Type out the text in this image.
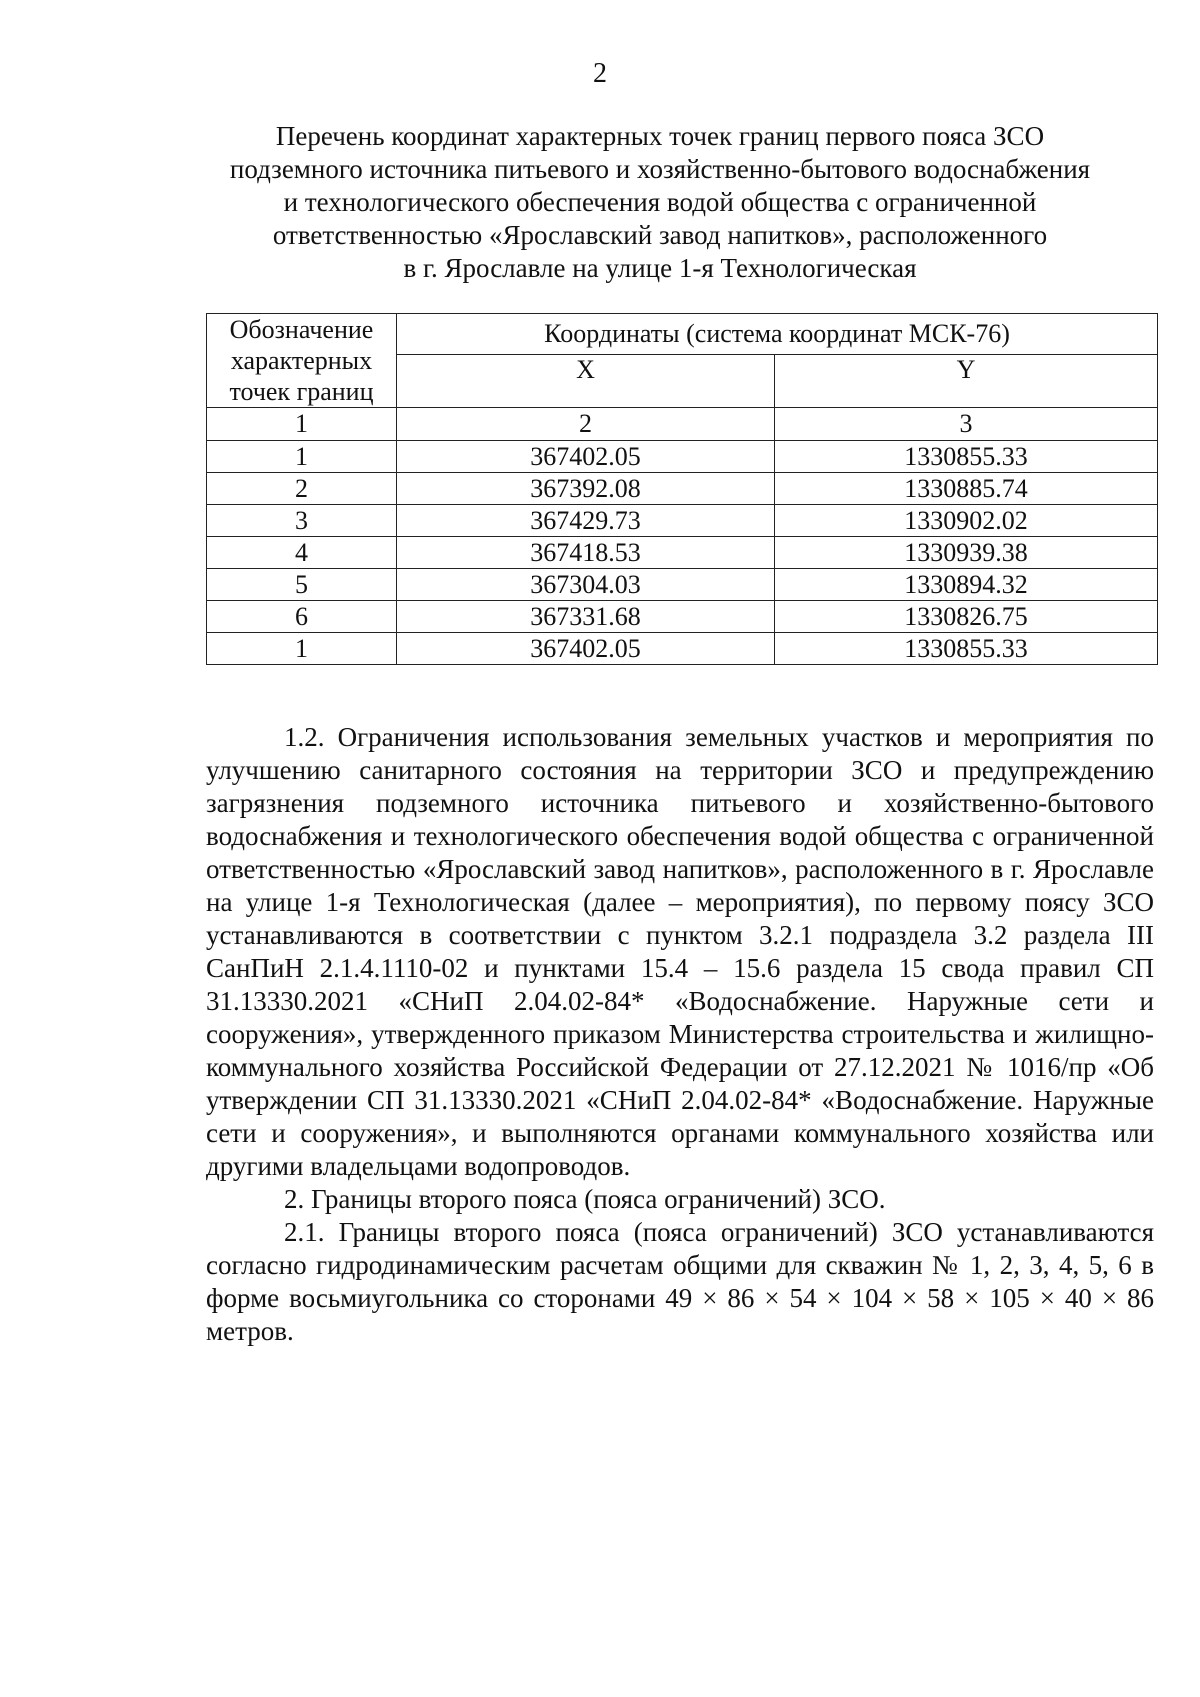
2
Перечень координат характерных точек границ первого пояса ЗСО
подземного источника питьевого и хозяйственно-бытового водоснабжения
и технологического обеспечения водой общества с ограниченной
ответственностью «Ярославский завод напитков», расположенного
в г. Ярославле на улице 1-я Технологическая
Обозначение характерных точек границ	Координаты (система координат МСК-76)	
	X	Y
1	2	3
1	367402.05	1330855.33
2	367392.08	1330885.74
3	367429.73	1330902.02
4	367418.53	1330939.38
5	367304.03	1330894.32
6	367331.68	1330826.75
1	367402.05	1330855.33

1.2. Ограничения использования земельных участков и мероприятия по улучшению санитарного состояния на территории ЗСО и предупреждению загрязнения подземного источника питьевого и хозяйственно-бытового водоснабжения и технологического обеспечения водой общества с ограниченной ответственностью «Ярославский завод напитков», расположенного в г. Ярославле на улице 1-я Технологическая (далее – мероприятия), по первому поясу ЗСО устанавливаются в соответствии с пунктом 3.2.1 подраздела 3.2 раздела III СанПиН 2.1.4.1110-02 и пунктами 15.4 – 15.6 раздела 15 свода правил СП 31.13330.2021 «СНиП 2.04.02-84* «Водоснабжение. Наружные сети и сооружения», утвержденного приказом Министерства строительства и жилищно-коммунального хозяйства Российской Федерации от 27.12.2021 № 1016/пр «Об утверждении СП 31.13330.2021 «СНиП 2.04.02-84* «Водоснабжение. Наружные сети и сооружения», и выполняются органами коммунального хозяйства или другими владельцами водопроводов.

2. Границы второго пояса (пояса ограничений) ЗСО.

2.1. Границы второго пояса (пояса ограничений) ЗСО устанавливаются согласно гидродинамическим расчетам общими для скважин № 1, 2, 3, 4, 5, 6 в форме восьмиугольника со сторонами 49 × 86 × 54 × 104 × 58 × 105 × 40 × 86 метров.
